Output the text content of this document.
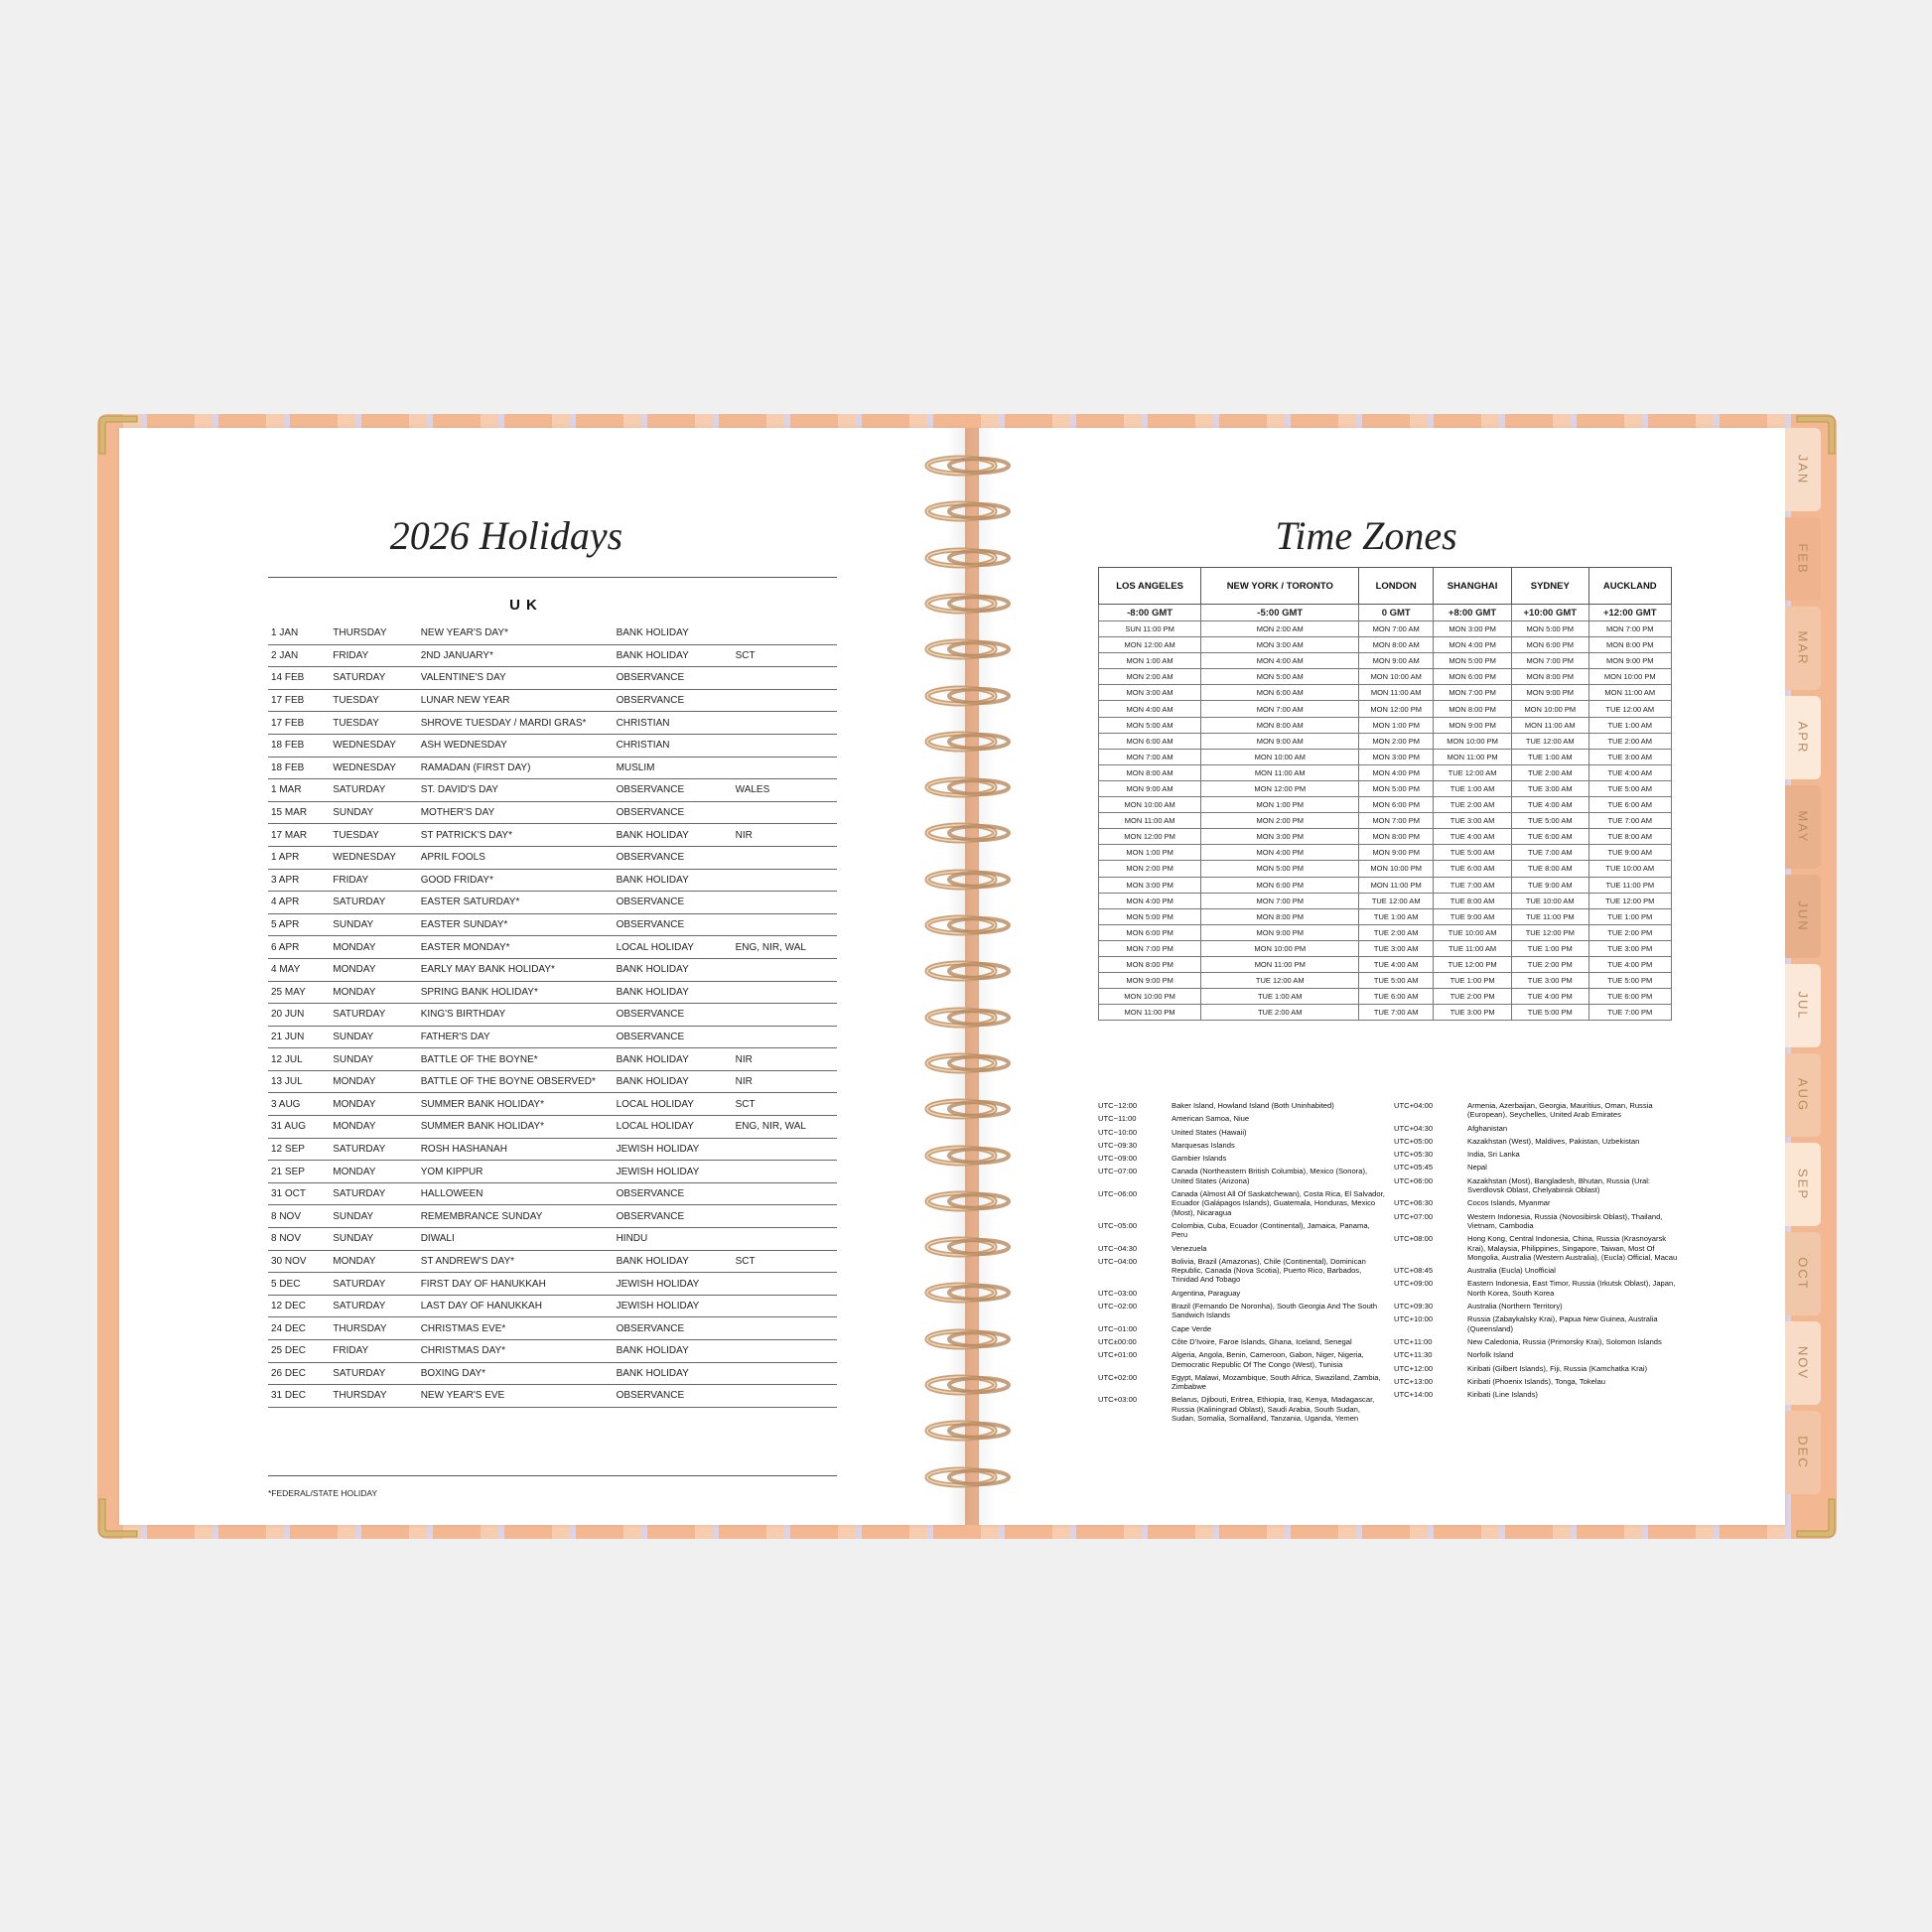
2026 Holidays
UK
1 JAN	THURSDAY	NEW YEAR'S DAY*	BANK HOLIDAY	
2 JAN	FRIDAY	2ND JANUARY*	BANK HOLIDAY	SCT
14 FEB	SATURDAY	VALENTINE'S DAY	OBSERVANCE	
17 FEB	TUESDAY	LUNAR NEW YEAR	OBSERVANCE	
17 FEB	TUESDAY	SHROVE TUESDAY / MARDI GRAS*	CHRISTIAN	
18 FEB	WEDNESDAY	ASH WEDNESDAY	CHRISTIAN	
18 FEB	WEDNESDAY	RAMADAN (FIRST DAY)	MUSLIM	
1 MAR	SATURDAY	ST. DAVID'S DAY	OBSERVANCE	WALES
15 MAR	SUNDAY	MOTHER'S DAY	OBSERVANCE	
17 MAR	TUESDAY	ST PATRICK'S DAY*	BANK HOLIDAY	NIR
1 APR	WEDNESDAY	APRIL FOOLS	OBSERVANCE	
3 APR	FRIDAY	GOOD FRIDAY*	BANK HOLIDAY	
4 APR	SATURDAY	EASTER SATURDAY*	OBSERVANCE	
5 APR	SUNDAY	EASTER SUNDAY*	OBSERVANCE	
6 APR	MONDAY	EASTER MONDAY*	LOCAL HOLIDAY	ENG, NIR, WAL
4 MAY	MONDAY	EARLY MAY BANK HOLIDAY*	BANK HOLIDAY	
25 MAY	MONDAY	SPRING BANK HOLIDAY*	BANK HOLIDAY	
20 JUN	SATURDAY	KING'S BIRTHDAY	OBSERVANCE	
21 JUN	SUNDAY	FATHER'S DAY	OBSERVANCE	
12 JUL	SUNDAY	BATTLE OF THE BOYNE*	BANK HOLIDAY	NIR
13 JUL	MONDAY	BATTLE OF THE BOYNE OBSERVED*	BANK HOLIDAY	NIR
3 AUG	MONDAY	SUMMER BANK HOLIDAY*	LOCAL HOLIDAY	SCT
31 AUG	MONDAY	SUMMER BANK HOLIDAY*	LOCAL HOLIDAY	ENG, NIR, WAL
12 SEP	SATURDAY	ROSH HASHANAH	JEWISH HOLIDAY	
21 SEP	MONDAY	YOM KIPPUR	JEWISH HOLIDAY	
31 OCT	SATURDAY	HALLOWEEN	OBSERVANCE	
8 NOV	SUNDAY	REMEMBRANCE SUNDAY	OBSERVANCE	
8 NOV	SUNDAY	DIWALI	HINDU	
30 NOV	MONDAY	ST ANDREW'S DAY*	BANK HOLIDAY	SCT
5 DEC	SATURDAY	FIRST DAY OF HANUKKAH	JEWISH HOLIDAY	
12 DEC	SATURDAY	LAST DAY OF HANUKKAH	JEWISH HOLIDAY	
24 DEC	THURSDAY	CHRISTMAS EVE*	OBSERVANCE	
25 DEC	FRIDAY	CHRISTMAS DAY*	BANK HOLIDAY	
26 DEC	SATURDAY	BOXING DAY*	BANK HOLIDAY	
31 DEC	THURSDAY	NEW YEAR'S EVE	OBSERVANCE	
*FEDERAL/STATE HOLIDAY
Time Zones
LOS ANGELES	NEW YORK / TORONTO	LONDON	SHANGHAI	SYDNEY	AUCKLAND
-8:00 GMT	-5:00 GMT	0 GMT	+8:00 GMT	+10:00 GMT	+12:00 GMT
SUN 11:00 PM	MON 2:00 AM	MON 7:00 AM	MON 3:00 PM	MON 5:00 PM	MON 7:00 PM
MON 12:00 AM	MON 3:00 AM	MON 8:00 AM	MON 4:00 PM	MON 6:00 PM	MON 8:00 PM
MON 1:00 AM	MON 4:00 AM	MON 9:00 AM	MON 5:00 PM	MON 7:00 PM	MON 9:00 PM
MON 2:00 AM	MON 5:00 AM	MON 10:00 AM	MON 6:00 PM	MON 8:00 PM	MON 10:00 PM
MON 3:00 AM	MON 6:00 AM	MON 11:00 AM	MON 7:00 PM	MON 9:00 PM	MON 11:00 AM
MON 4:00 AM	MON 7:00 AM	MON 12:00 PM	MON 8:00 PM	MON 10:00 PM	TUE 12:00 AM
MON 5:00 AM	MON 8:00 AM	MON 1:00 PM	MON 9:00 PM	MON 11:00 AM	TUE 1:00 AM
MON 6:00 AM	MON 9:00 AM	MON 2:00 PM	MON 10:00 PM	TUE 12:00 AM	TUE 2:00 AM
MON 7:00 AM	MON 10:00 AM	MON 3:00 PM	MON 11:00 PM	TUE 1:00 AM	TUE 3:00 AM
MON 8:00 AM	MON 11:00 AM	MON 4:00 PM	TUE 12:00 AM	TUE 2:00 AM	TUE 4:00 AM
MON 9:00 AM	MON 12:00 PM	MON 5:00 PM	TUE 1:00 AM	TUE 3:00 AM	TUE 5:00 AM
MON 10:00 AM	MON 1:00 PM	MON 6:00 PM	TUE 2:00 AM	TUE 4:00 AM	TUE 6:00 AM
MON 11:00 AM	MON 2:00 PM	MON 7:00 PM	TUE 3:00 AM	TUE 5:00 AM	TUE 7:00 AM
MON 12:00 PM	MON 3:00 PM	MON 8:00 PM	TUE 4:00 AM	TUE 6:00 AM	TUE 8:00 AM
MON 1:00 PM	MON 4:00 PM	MON 9:00 PM	TUE 5:00 AM	TUE 7:00 AM	TUE 9:00 AM
MON 2:00 PM	MON 5:00 PM	MON 10:00 PM	TUE 6:00 AM	TUE 8:00 AM	TUE 10:00 AM
MON 3:00 PM	MON 6:00 PM	MON 11:00 PM	TUE 7:00 AM	TUE 9:00 AM	TUE 11:00 PM
MON 4:00 PM	MON 7:00 PM	TUE 12:00 AM	TUE 8:00 AM	TUE 10:00 AM	TUE 12:00 PM
MON 5:00 PM	MON 8:00 PM	TUE 1:00 AM	TUE 9:00 AM	TUE 11:00 PM	TUE 1:00 PM
MON 6:00 PM	MON 9:00 PM	TUE 2:00 AM	TUE 10:00 AM	TUE 12:00 PM	TUE 2:00 PM
MON 7:00 PM	MON 10:00 PM	TUE 3:00 AM	TUE 11:00 AM	TUE 1:00 PM	TUE 3:00 PM
MON 8:00 PM	MON 11:00 PM	TUE 4:00 AM	TUE 12:00 PM	TUE 2:00 PM	TUE 4:00 PM
MON 9:00 PM	TUE 12:00 AM	TUE 5:00 AM	TUE 1:00 PM	TUE 3:00 PM	TUE 5:00 PM
MON 10:00 PM	TUE 1:00 AM	TUE 6:00 AM	TUE 2:00 PM	TUE 4:00 PM	TUE 6:00 PM
MON 11:00 PM	TUE 2:00 AM	TUE 7:00 AM	TUE 3:00 PM	TUE 5:00 PM	TUE 7:00 PM
UTC−12:00	Baker Island, Howland Island (Both Uninhabited)
UTC−11:00	American Samoa, Niue
UTC−10:00	United States (Hawaii)
UTC−09:30	Marquesas Islands
UTC−09:00	Gambier Islands
UTC−07:00	Canada (Northeastern British Columbia), Mexico (Sonora), United States (Arizona)
UTC−06:00	Canada (Almost All Of Saskatchewan), Costa Rica, El Salvador, Ecuador (Galápagos Islands), Guatemala, Honduras, Mexico (Most), Nicaragua
UTC−05:00	Colombia, Cuba, Ecuador (Continental), Jamaica, Panama, Peru
UTC−04:30	Venezuela
UTC−04:00	Bolivia, Brazil (Amazonas), Chile (Continental), Dominican Republic, Canada (Nova Scotia), Puerto Rico, Barbados, Trinidad And Tobago
UTC−03:00	Argentina, Paraguay
UTC−02:00	Brazil (Fernando De Noronha), South Georgia And The South Sandwich Islands
UTC−01:00	Cape Verde
UTC±00:00	Côte D'Ivoire, Faroe Islands, Ghana, Iceland, Senegal
UTC+01:00	Algeria, Angola, Benin, Cameroon, Gabon, Niger, Nigeria, Democratic Republic Of The Congo (West), Tunisia
UTC+02:00	Egypt, Malawi, Mozambique, South Africa, Swaziland, Zambia, Zimbabwe
UTC+03:00	Belarus, Djibouti, Eritrea, Ethiopia, Iraq, Kenya, Madagascar, Russia (Kaliningrad Oblast), Saudi Arabia, South Sudan, Sudan, Somalia, Somaliland, Tanzania, Uganda, Yemen
UTC+04:00	Armenia, Azerbaijan, Georgia, Mauritius, Oman, Russia (European), Seychelles, United Arab Emirates
UTC+04:30	Afghanistan
UTC+05:00	Kazakhstan (West), Maldives, Pakistan, Uzbekistan
UTC+05:30	India, Sri Lanka
UTC+05:45	Nepal
UTC+06:00	Kazakhstan (Most), Bangladesh, Bhutan, Russia (Ural: Sverdlovsk Oblast, Chelyabinsk Oblast)
UTC+06:30	Cocos Islands, Myanmar
UTC+07:00	Western Indonesia, Russia (Novosibirsk Oblast), Thailand, Vietnam, Cambodia
UTC+08:00	Hong Kong, Central Indonesia, China, Russia (Krasnoyarsk Krai), Malaysia, Philippines, Singapore, Taiwan, Most Of Mongolia, Australia (Western Australia), (Eucla) Official, Macau
UTC+08:45	Australia (Eucla) Unofficial
UTC+09:00	Eastern Indonesia, East Timor, Russia (Irkutsk Oblast), Japan, North Korea, South Korea
UTC+09:30	Australia (Northern Territory)
UTC+10:00	Russia (Zabaykalsky Krai), Papua New Guinea, Australia (Queensland)
UTC+11:00	New Caledonia, Russia (Primorsky Krai), Solomon Islands
UTC+11:30	Norfolk Island
UTC+12:00	Kiribati (Gilbert Islands), Fiji, Russia (Kamchatka Krai)
UTC+13:00	Kiribati (Phoenix Islands), Tonga, Tokelau
UTC+14:00	Kiribati (Line Islands)
JAN
FEB
MAR
APR
MAY
JUN
JUL
AUG
SEP
OCT
NOV
DEC
